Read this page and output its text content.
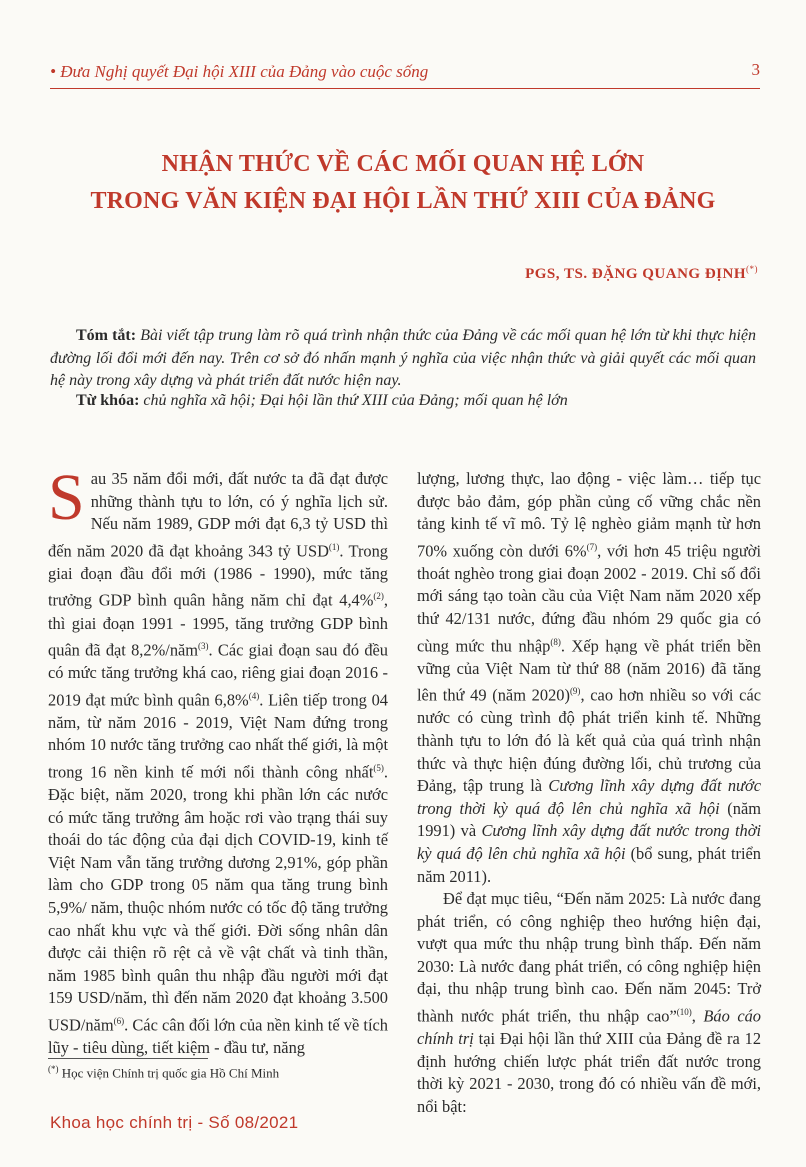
• Đưa Nghị quyết Đại hội XIII của Đảng vào cuộc sống	3
NHẬN THỨC VỀ CÁC MỐI QUAN HỆ LỚN
TRONG VĂN KIỆN ĐẠI HỘI LẦN THỨ XIII CỦA ĐẢNG
PGS, TS. ĐẶNG QUANG ĐỊNH(*)
Tóm tắt: Bài viết tập trung làm rõ quá trình nhận thức của Đảng về các mối quan hệ lớn từ khi thực hiện đường lối đổi mới đến nay. Trên cơ sở đó nhấn mạnh ý nghĩa của việc nhận thức và giải quyết các mối quan hệ này trong xây dựng và phát triển đất nước hiện nay.
Từ khóa: chủ nghĩa xã hội; Đại hội lần thứ XIII của Đảng; mối quan hệ lớn

Sau 35 năm đổi mới, đất nước ta đã đạt được những thành tựu to lớn, có ý nghĩa lịch sử. Nếu năm 1989, GDP mới đạt 6,3 tỷ USD thì đến năm 2020 đã đạt khoảng 343 tỷ USD$^{(1)}$. Trong giai đoạn đầu đổi mới (1986 - 1990), mức tăng trưởng GDP bình quân hằng năm chỉ đạt 4,4%$^{(2)}$, thì giai đoạn 1991 - 1995, tăng trưởng GDP bình quân đã đạt 8,2%/năm$^{(3)}$. Các giai đoạn sau đó đều có mức tăng trưởng khá cao, riêng giai đoạn 2016 - 2019 đạt mức bình quân 6,8%$^{(4)}$. Liên tiếp trong 04 năm, từ năm 2016 - 2019, Việt Nam đứng trong nhóm 10 nước tăng trưởng cao nhất thế giới, là một trong 16 nền kinh tế mới nổi thành công nhất$^{(5)}$. Đặc biệt, năm 2020, trong khi phần lớn các nước có mức tăng trưởng âm hoặc rơi vào trạng thái suy thoái do tác động của đại dịch COVID-19, kinh tế Việt Nam vẫn tăng trưởng dương 2,91%, góp phần làm cho GDP trong 05 năm qua tăng trung bình 5,9%/ năm, thuộc nhóm nước có tốc độ tăng trưởng cao nhất khu vực và thế giới. Đời sống nhân dân được cải thiện rõ rệt cả về vật chất và tinh thần, năm 1985 bình quân thu nhập đầu người mới đạt 159 USD/năm, thì đến năm 2020 đạt khoảng 3.500 USD/năm$^{(6)}$. Các cân đối lớn của nền kinh tế về tích lũy - tiêu dùng, tiết kiệm - đầu tư, năng

lượng, lương thực, lao động - việc làm… tiếp tục được bảo đảm, góp phần củng cố vững chắc nền tảng kinh tế vĩ mô. Tỷ lệ nghèo giảm mạnh từ hơn 70% xuống còn dưới 6%$^{(7)}$, với hơn 45 triệu người thoát nghèo trong giai đoạn 2002 - 2019. Chỉ số đổi mới sáng tạo toàn cầu của Việt Nam năm 2020 xếp thứ 42/131 nước, đứng đầu nhóm 29 quốc gia có cùng mức thu nhập$^{(8)}$. Xếp hạng về phát triển bền vững của Việt Nam từ thứ 88 (năm 2016) đã tăng lên thứ 49 (năm 2020)$^{(9)}$, cao hơn nhiều so với các nước có cùng trình độ phát triển kinh tế. Những thành tựu to lớn đó là kết quả của quá trình nhận thức và thực hiện đúng đường lối, chủ trương của Đảng, tập trung là Cương lĩnh xây dựng đất nước trong thời kỳ quá độ lên chủ nghĩa xã hội (năm 1991) và Cương lĩnh xây dựng đất nước trong thời kỳ quá độ lên chủ nghĩa xã hội (bổ sung, phát triển năm 2011).

Để đạt mục tiêu, “Đến năm 2025: Là nước đang phát triển, có công nghiệp theo hướng hiện đại, vượt qua mức thu nhập trung bình thấp. Đến năm 2030: Là nước đang phát triển, có công nghiệp hiện đại, thu nhập trung bình cao. Đến năm 2045: Trở thành nước phát triển, thu nhập cao”$^{(10)}$, Báo cáo chính trị tại Đại hội lần thứ XIII của Đảng đề ra 12 định hướng chiến lược phát triển đất nước trong thời kỳ 2021 - 2030, trong đó có nhiều vấn đề mới, nổi bật:

(*) Học viện Chính trị quốc gia Hồ Chí Minh
Khoa học chính trị - Số 08/2021
